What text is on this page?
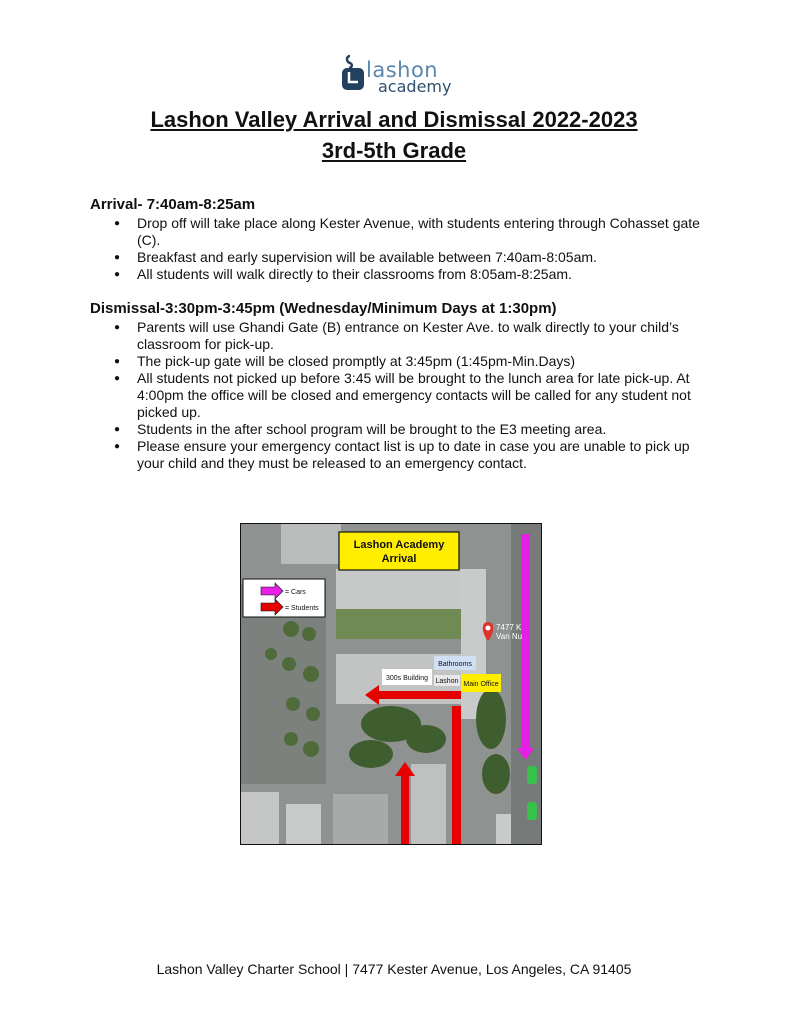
lashon
academy
Lashon Valley Arrival and Dismissal 2022-2023
3rd-5th Grade
Arrival- 7:40am-8:25am
● Drop off will take place along Kester Avenue, with students entering through Cohasset gate (C).
● Breakfast and early supervision will be available between 7:40am-8:05am.
● All students will walk directly to their classrooms from 8:05am-8:25am.
Dismissal-3:30pm-3:45pm (Wednesday/Minimum Days at 1:30pm)
● Parents will use Ghandi Gate (B) entrance on Kester Ave. to walk directly to your child’s classroom for pick-up.
● The pick-up gate will be closed promptly at 3:45pm (1:45pm-Min.Days)
● All students not picked up before 3:45 will be brought to the lunch area for late pick-up. At 4:00pm the office will be closed and emergency contacts will be called for any student not picked up.
● Students in the after school program will be brought to the E3 meeting area.
● Please ensure your emergency contact list is up to date in case you are unable to pick up your child and they must be released to an emergency contact.
7477 K
Van Nu
Lashon Academy
Arrival
= Cars
= Students
Bathrooms
300s Building Lashon Main Office
Lashon Valley Charter School | 7477 Kester Avenue, Los Angeles, CA 91405
